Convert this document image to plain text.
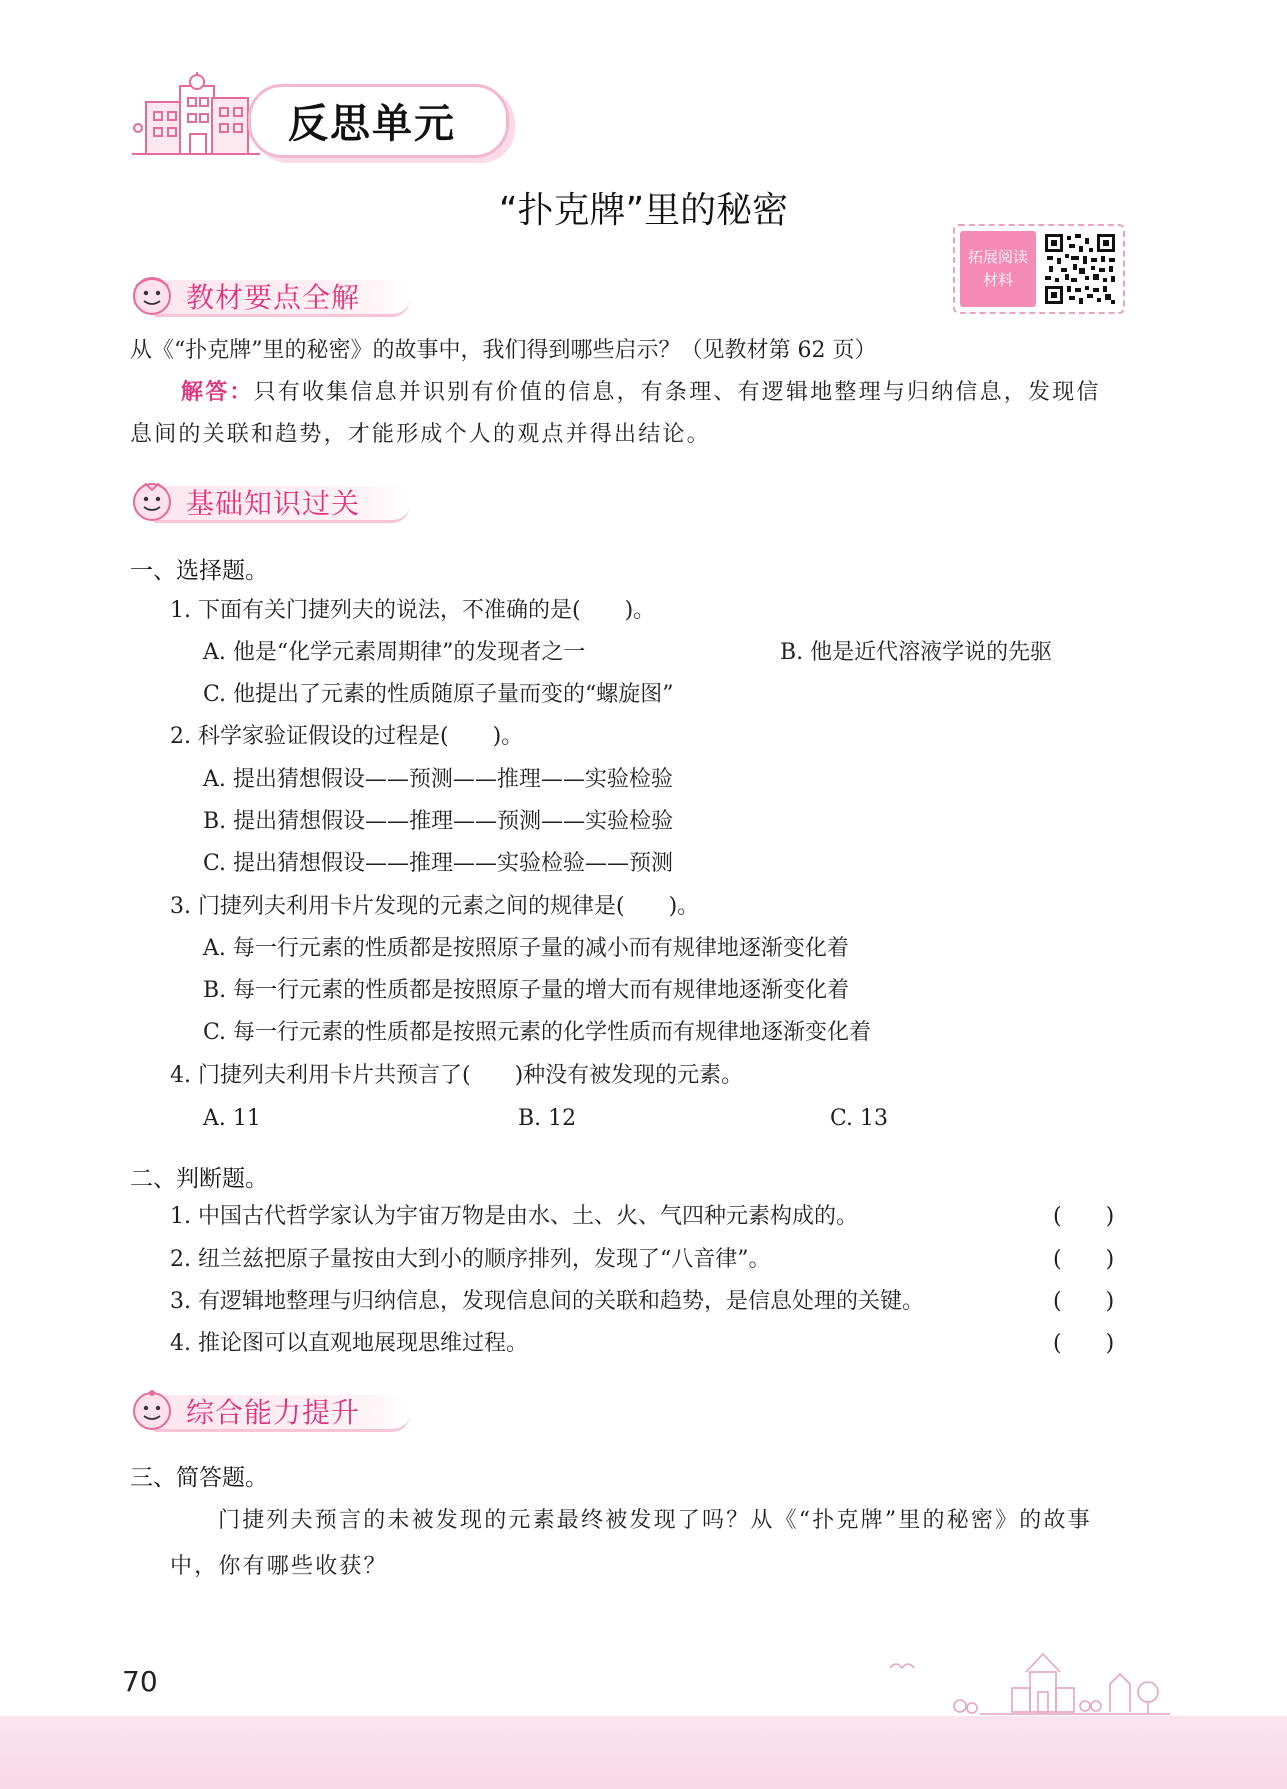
反思单元
“扑克牌”里的秘密
拓展阅读
材料
教材要点全解
从《“扑克牌”里的秘密》的故事中，我们得到哪些启示？（见教材第 62 页）
解答：只有收集信息并识别有价值的信息，有条理、有逻辑地整理与归纳信息，发现信
息间的关联和趋势，才能形成个人的观点并得出结论。
基础知识过关
一、选择题。
1. 下面有关门捷列夫的说法，不准确的是(　　)。
A. 他是“化学元素周期律”的发现者之一	B. 他是近代溶液学说的先驱
C. 他提出了元素的性质随原子量而变的“螺旋图”
2. 科学家验证假设的过程是(　　)。
A. 提出猜想假设——预测——推理——实验检验
B. 提出猜想假设——推理——预测——实验检验
C. 提出猜想假设——推理——实验检验——预测
3. 门捷列夫利用卡片发现的元素之间的规律是(　　)。
A. 每一行元素的性质都是按照原子量的减小而有规律地逐渐变化着
B. 每一行元素的性质都是按照原子量的增大而有规律地逐渐变化着
C. 每一行元素的性质都是按照元素的化学性质而有规律地逐渐变化着
4. 门捷列夫利用卡片共预言了(　　)种没有被发现的元素。
A. 11	B. 12	C. 13
二、判断题。
1. 中国古代哲学家认为宇宙万物是由水、土、火、气四种元素构成的。	(　　)
2. 纽兰兹把原子量按由大到小的顺序排列，发现了“八音律”。	(　　)
3. 有逻辑地整理与归纳信息，发现信息间的关联和趋势，是信息处理的关键。	(　　)
4. 推论图可以直观地展现思维过程。	(　　)
综合能力提升
三、简答题。
门捷列夫预言的未被发现的元素最终被发现了吗？从《“扑克牌”里的秘密》的故事
中，你有哪些收获？
70
